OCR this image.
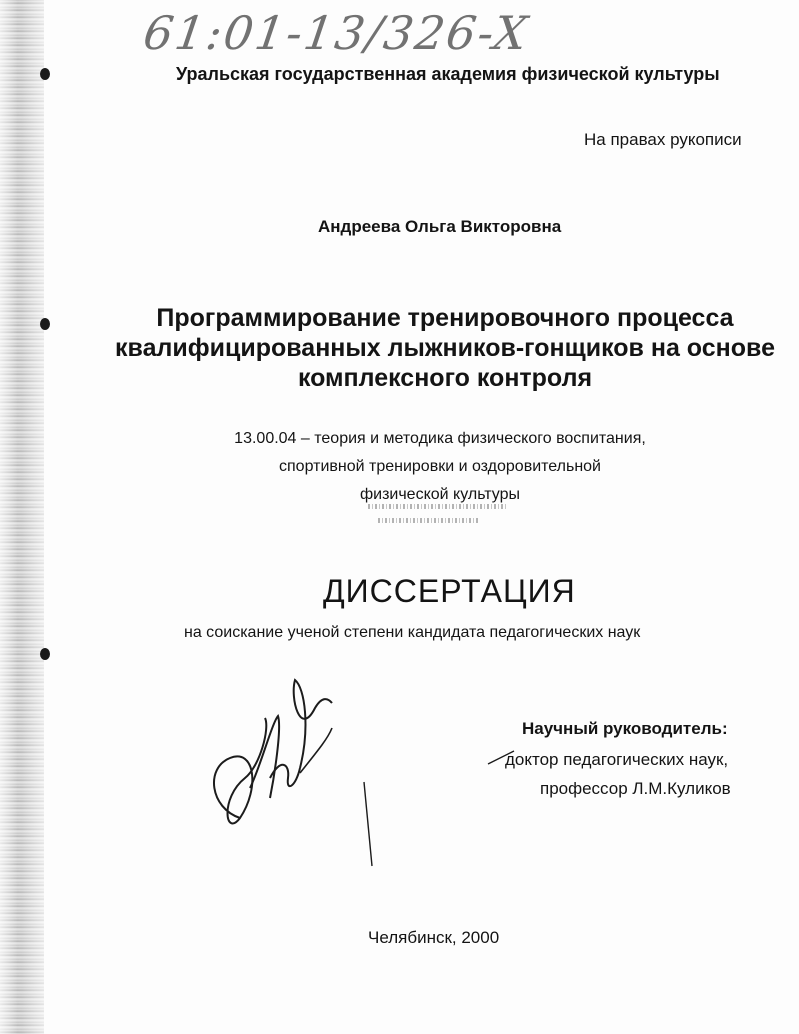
61:01-13/326-X

Уральская государственная академия физической культуры

На правах рукописи

Андреева Ольга Викторовна

Программирование тренировочного процесса квалифицированных лыжников-гонщиков на основе комплексного контроля

13.00.04 – теория и методика физического воспитания,
спортивной тренировки и оздоровительной
физической культуры

ДИССЕРТАЦИЯ

на соискание ученой степени кандидата педагогических наук

Научный руководитель:

доктор педагогических наук,

профессор Л.М.Куликов

Челябинск, 2000
